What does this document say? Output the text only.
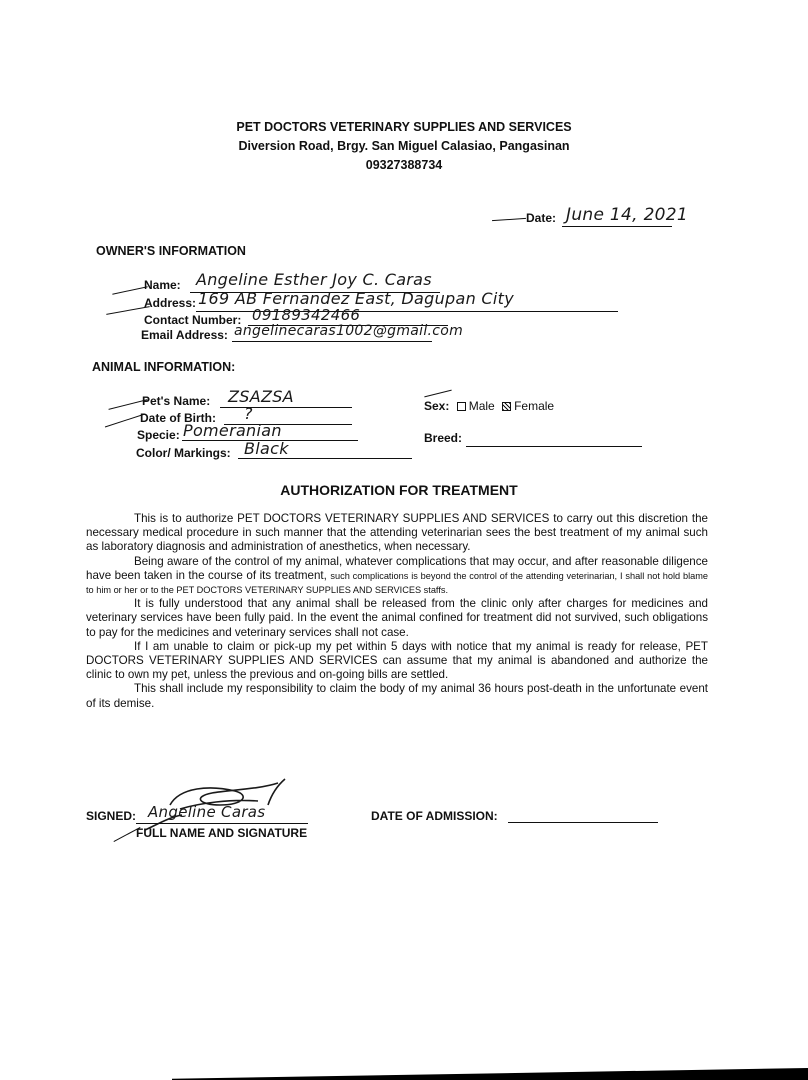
PET DOCTORS VETERINARY SUPPLIES AND SERVICES
Diversion Road, Brgy. San Miguel Calasiao, Pangasinan
09327388734
Date: June 14, 2021
OWNER'S INFORMATION
Name: Angeline Esther Joy C. Caras
Address: 169 AB Fernandez East, Dagupan City
Contact Number: 09189342466
Email Address: angelinecaras1002@gmail.com
ANIMAL INFORMATION:
Pet's Name: ZSAZSA
Date of Birth: ?
Specie: Pomeranian
Color/ Markings: Black
Sex: Male Female
Breed:
AUTHORIZATION FOR TREATMENT

This is to authorize PET DOCTORS VETERINARY SUPPLIES AND SERVICES to carry out this discretion the necessary medical procedure in such manner that the attending veterinarian sees the best treatment of my animal such as laboratory diagnosis and administration of anesthetics, when necessary.

Being aware of the control of my animal, whatever complications that may occur, and after reasonable diligence have been taken in the course of its treatment, such complications is beyond the control of the attending veterinarian, I shall not hold blame to him or her or to the PET DOCTORS VETERINARY SUPPLIES AND SERVICES staffs.

It is fully understood that any animal shall be released from the clinic only after charges for medicines and veterinary services have been fully paid. In the event the animal confined for treatment did not survived, such obligations to pay for the medicines and veterinary services shall not case.

If I am unable to claim or pick-up my pet within 5 days with notice that my animal is ready for release, PET DOCTORS VETERINARY SUPPLIES AND SERVICES can assume that my animal is abandoned and authorize the clinic to own my pet, unless the previous and on-going bills are settled.

This shall include my responsibility to claim the body of my animal 36 hours post-death in the unfortunate event of its demise.

SIGNED: Angeline Caras
FULL NAME AND SIGNATURE
DATE OF ADMISSION:
